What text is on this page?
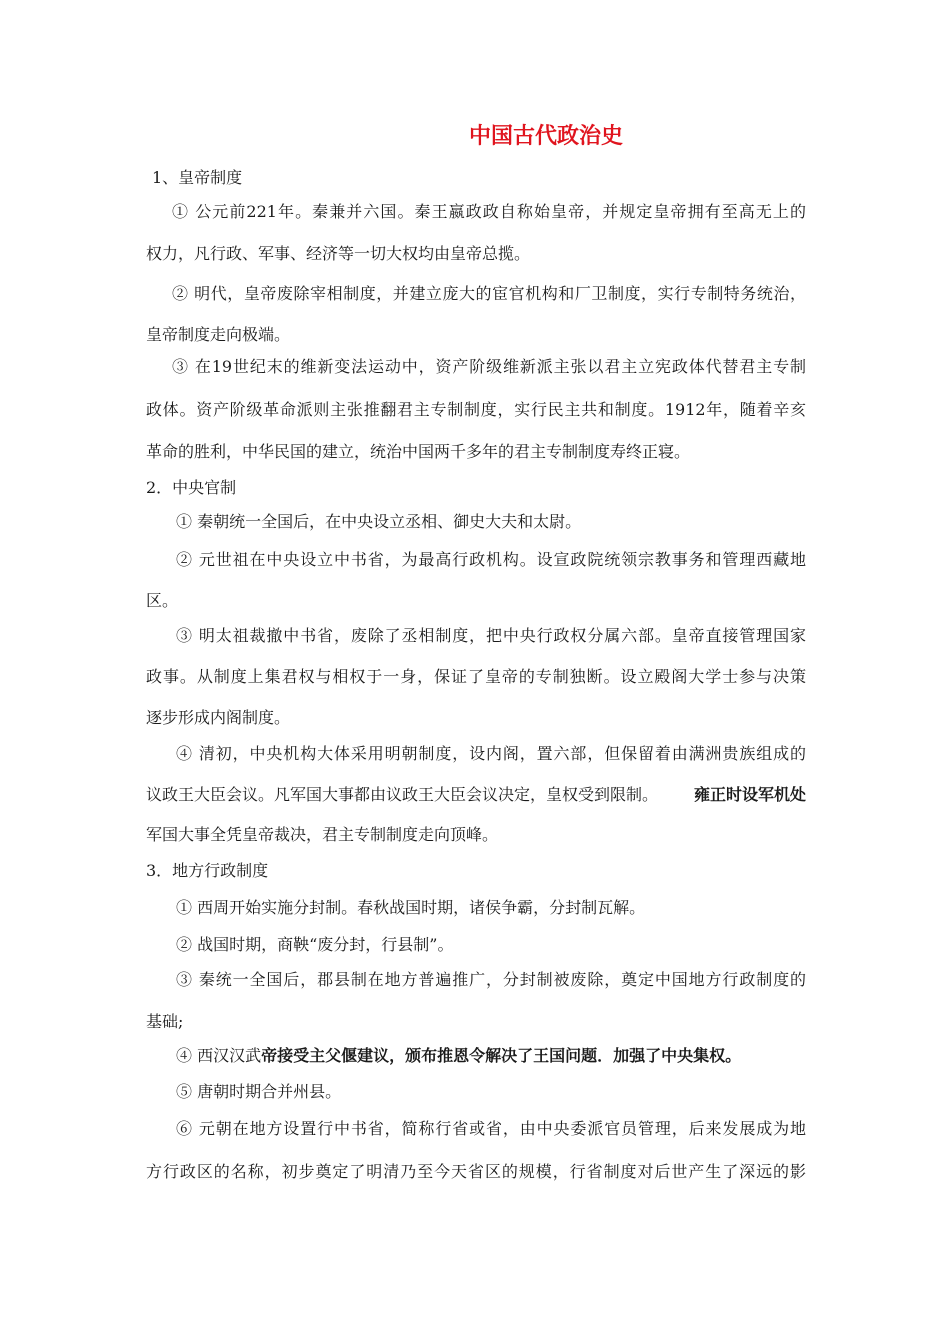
中国古代政治史
1、皇帝制度
① 公元前221年。秦兼并六国。秦王嬴政政自称始皇帝，并规定皇帝拥有至高无上的
权力，凡行政、军事、经济等一切大权均由皇帝总揽。
② 明代，皇帝废除宰相制度，并建立庞大的宦官机构和厂卫制度，实行专制特务统治，
皇帝制度走向极端。
③ 在19世纪末的维新变法运动中，资产阶级维新派主张以君主立宪政体代替君主专制
政体。资产阶级革命派则主张推翻君主专制制度，实行民主共和制度。1912年，随着辛亥
革命的胜利，中华民国的建立，统治中国两千多年的君主专制制度寿终正寝。
2．中央官制
① 秦朝统一全国后，在中央设立丞相、御史大夫和太尉。
② 元世祖在中央设立中书省，为最高行政机构。设宣政院统领宗教事务和管理西藏地
区。
③ 明太祖裁撤中书省，废除了丞相制度，把中央行政权分属六部。皇帝直接管理国家
政事。从制度上集君权与相权于一身，保证了皇帝的专制独断。设立殿阁大学士参与决策
逐步形成内阁制度。
④ 清初，中央机构大体采用明朝制度，设内阁，置六部，但保留着由满洲贵族组成的
议政王大臣会议。凡军国大事都由议政王大臣会议决定，皇权受到限制。 雍正时设军机处
军国大事全凭皇帝裁决，君主专制制度走向顶峰。
3．地方行政制度
① 西周开始实施分封制。春秋战国时期，诸侯争霸，分封制瓦解。
② 战国时期，商鞅“废分封，行县制”。
③ 秦统一全国后，郡县制在地方普遍推广，分封制被废除，奠定中国地方行政制度的
基础;
④ 西汉汉武帝接受主父偃建议，颁布推恩令解决了王国问题．加强了中央集权。
⑤ 唐朝时期合并州县。
⑥ 元朝在地方设置行中书省，简称行省或省，由中央委派官员管理，后来发展成为地
方行政区的名称，初步奠定了明清乃至今天省区的规模，行省制度对后世产生了深远的影
